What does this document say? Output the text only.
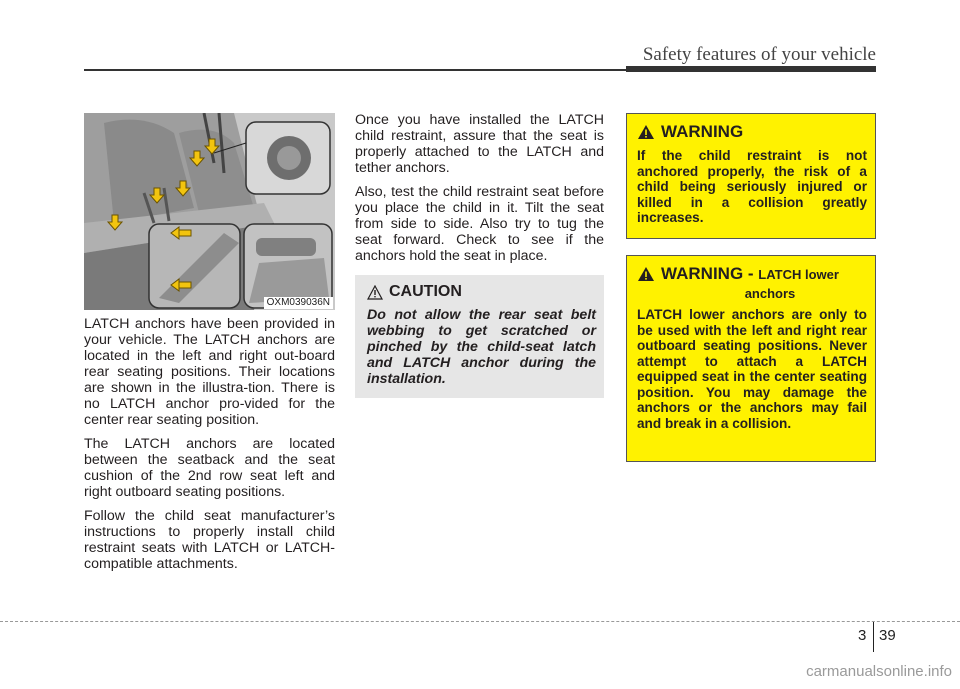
Safety features of your vehicle
OXM039036N

LATCH anchors have been provided in your vehicle. The LATCH anchors are located in the left and right out-board rear seating positions. Their locations are shown in the illustra-tion. There is no LATCH anchor pro-vided for the center rear seating position.

The LATCH anchors are located between the seatback and the seat cushion of the 2nd row seat left and right outboard seating positions.

Follow the child seat manufacturer’s instructions to properly install child restraint seats with LATCH or LATCH-compatible attachments.

Once you have installed the LATCH child restraint, assure that the seat is properly attached to the LATCH and tether anchors.

Also, test the child restraint seat before you place the child in it. Tilt the seat from side to side. Also try to tug the seat forward. Check to see if the anchors hold the seat in place.

CAUTION

Do not allow the rear seat belt webbing to get scratched or pinched by the child-seat latch and LATCH anchor during the installation.

WARNING

If the child restraint is not anchored properly, the risk of a child being seriously injured or killed in a collision greatly increases.

WARNING - LATCH lower
anchors

LATCH lower anchors are only to be used with the left and right rear outboard seating positions. Never attempt to attach a LATCH equipped seat in the center seating position. You may damage the anchors or the anchors may fail and break in a collision.

3 39
carmanualsonline.info
